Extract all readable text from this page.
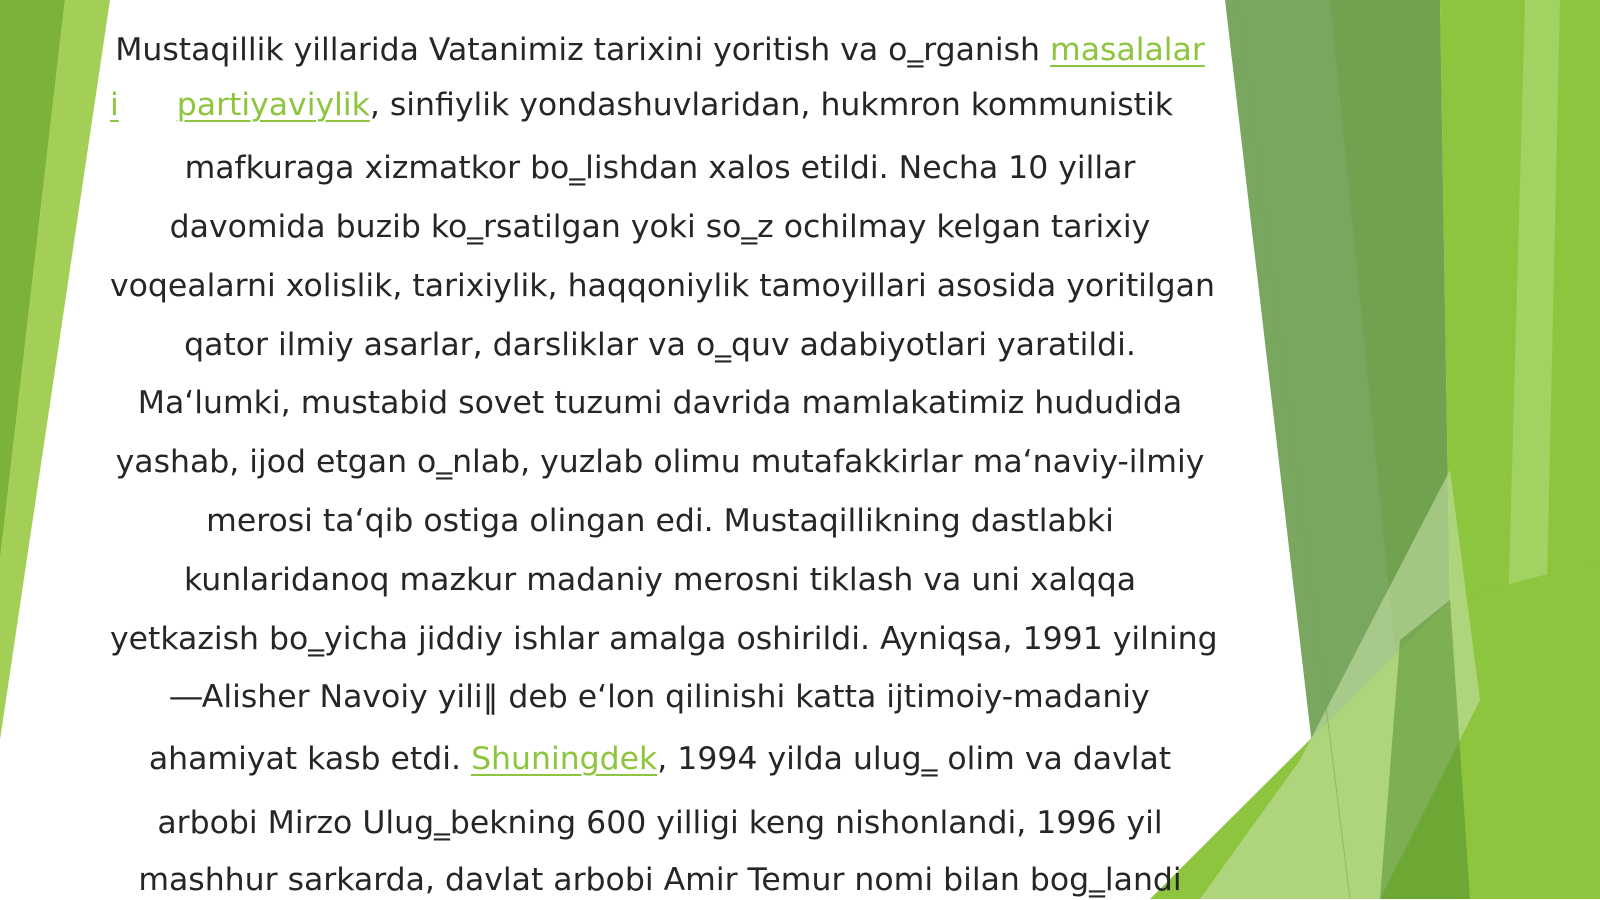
Mustaqillik yillarida Vatanimiz tarixini yoritish va o‗rganish masalalar
i partiyaviylik, sinfiylik yondashuvlaridan, hukmron kommunistik
mafkuraga xizmatkor bo‗lishdan xalos etildi. Necha 10 yillar
davomida buzib ko‗rsatilgan yoki so‗z ochilmay kelgan tarixiy
voqealarni xolislik, tarixiylik, haqqoniylik tamoyillari asosida yoritilgan
qator ilmiy asarlar, darsliklar va o‗quv adabiyotlari yaratildi.
Ma‘lumki, mustabid sovet tuzumi davrida mamlakatimiz hududida
yashab, ijod etgan o‗nlab, yuzlab olimu mutafakkirlar ma‘naviy-ilmiy
merosi ta‘qib ostiga olingan edi. Mustaqillikning dastlabki
kunlaridanoq mazkur madaniy merosni tiklash va uni xalqqa
yetkazish bo‗yicha jiddiy ishlar amalga oshirildi. Ayniqsa, 1991 yilning
―Alisher Navoiy yili‖ deb e‘lon qilinishi katta ijtimoiy-madaniy
ahamiyat kasb etdi. Shuningdek, 1994 yilda ulug‗ olim va davlat
arbobi Mirzo Ulug‗bekning 600 yilligi keng nishonlandi, 1996 yil
mashhur sarkarda, davlat arbobi Amir Temur nomi bilan bog‗landi
